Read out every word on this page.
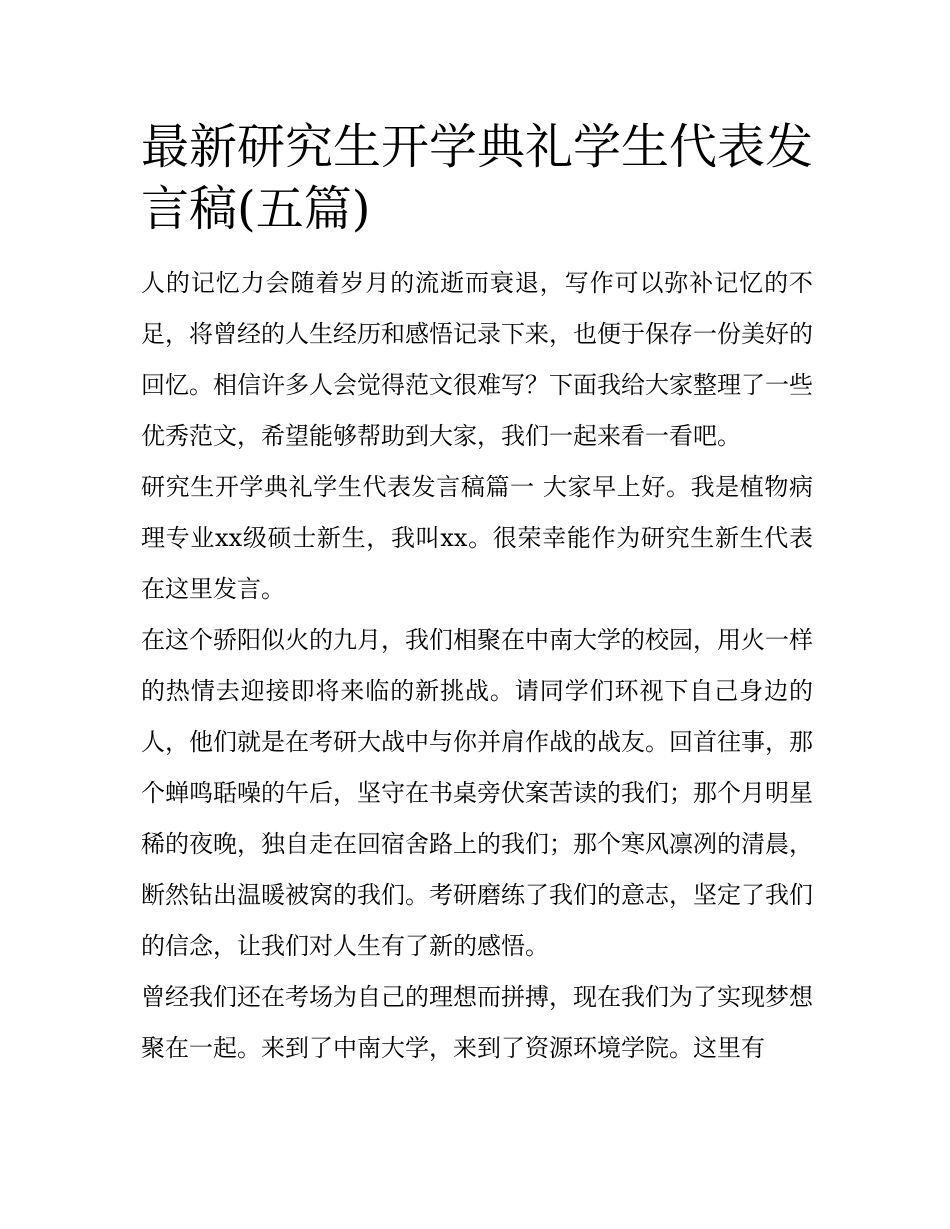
最新研究生开学典礼学生代表发言稿(五篇)

人的记忆力会随着岁月的流逝而衰退，写作可以弥补记忆的不足，将曾经的人生经历和感悟记录下来，也便于保存一份美好的回忆。相信许多人会觉得范文很难写？下面我给大家整理了一些优秀范文，希望能够帮助到大家，我们一起来看一看吧。

研究生开学典礼学生代表发言稿篇一 大家早上好。我是植物病理专业xx级硕士新生，我叫xx。很荣幸能作为研究生新生代表在这里发言。

在这个骄阳似火的九月，我们相聚在中南大学的校园，用火一样的热情去迎接即将来临的新挑战。请同学们环视下自己身边的人，他们就是在考研大战中与你并肩作战的战友。回首往事，那个蝉鸣聒噪的午后，坚守在书桌旁伏案苦读的我们；那个月明星稀的夜晚，独自走在回宿舍路上的我们；那个寒风凛冽的清晨，断然钻出温暖被窝的我们。考研磨练了我们的意志，坚定了我们的信念，让我们对人生有了新的感悟。

曾经我们还在考场为自己的理想而拼搏，现在我们为了实现梦想聚在一起。来到了中南大学，来到了资源环境学院。这里有
